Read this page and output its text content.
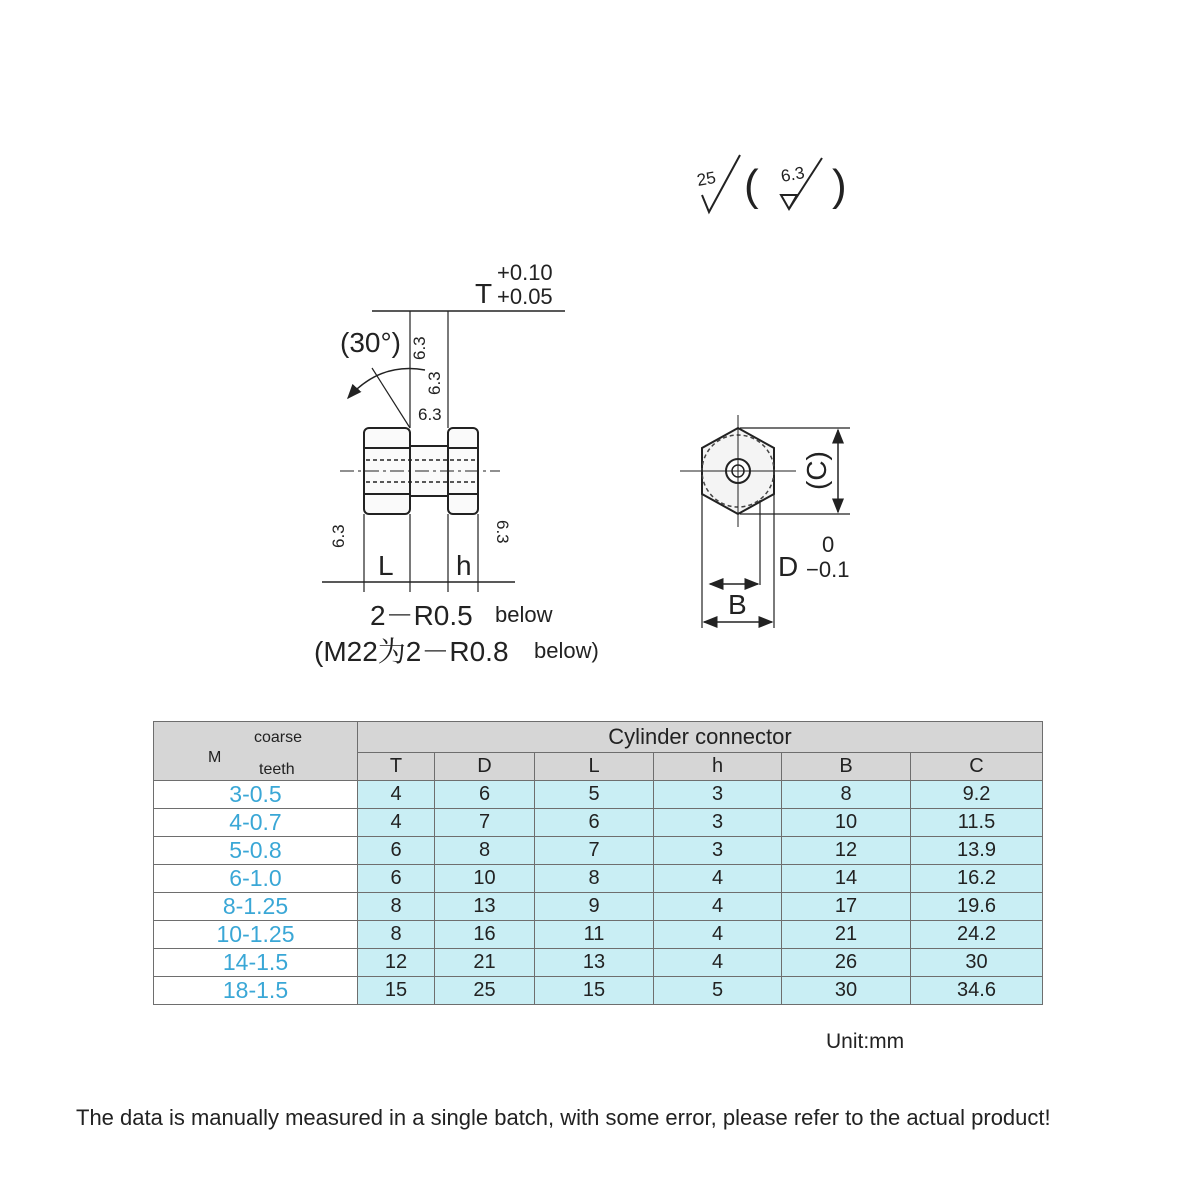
25 ( 6.3 )
T
+0.10
+0.05
(30°) 6.3
6.3
6.3
6.3	6.3
L h
2－R0.5 below
(M22为2－R0.8 below)
(C)
D
0
−0.1
B
coarse
M
teeth	Cylinder connector					
	T	D	L	h	B	C
3-0.5	4	6	5	3	8	9.2
4-0.7	4	7	6	3	10	11.5
5-0.8	6	8	7	3	12	13.9
6-1.0	6	10	8	4	14	16.2
8-1.25	8	13	9	4	17	19.6
10-1.25	8	16	11	4	21	24.2
14-1.5	12	21	13	4	26	30
18-1.5	15	25	15	5	30	34.6
Unit:mm
The data is manually measured in a single batch, with some error, please refer to the actual product!
